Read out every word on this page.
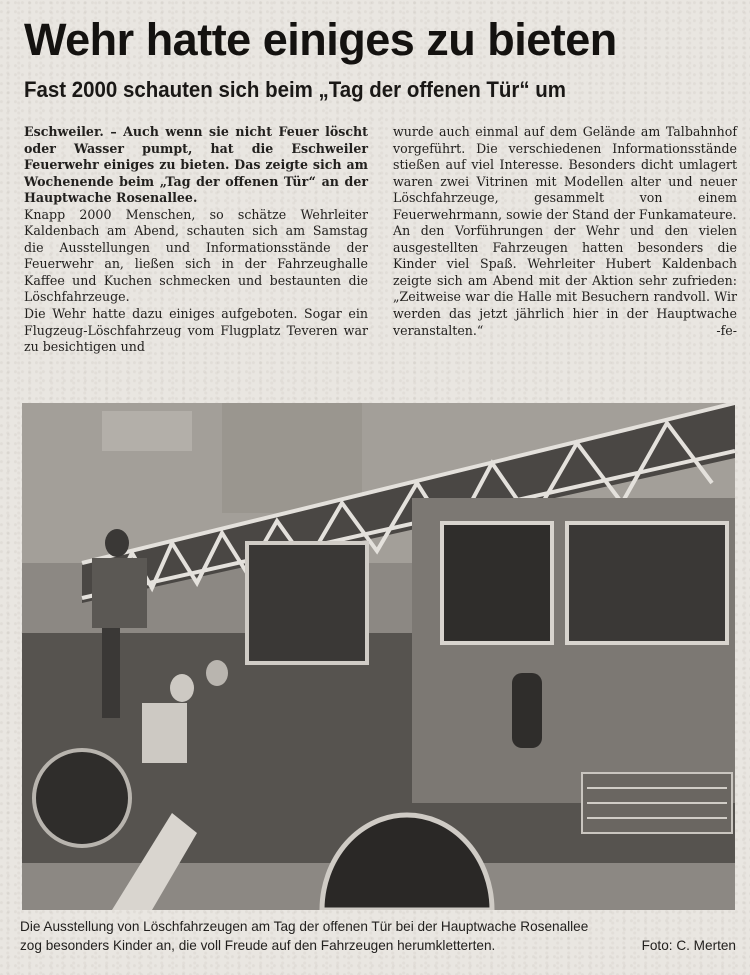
Wehr hatte einiges zu bieten
Fast 2000 schauten sich beim „Tag der offenen Tür“ um

Eschweiler. – Auch wenn sie nicht Feuer löscht oder Wasser pumpt, hat die Eschweiler Feuerwehr einiges zu bieten. Das zeigte sich am Wochenende beim „Tag der offenen Tür“ an der Hauptwache Rosenallee.

Knapp 2000 Menschen, so schätze Wehrleiter Kaldenbach am Abend, schauten sich am Samstag die Ausstellungen und Informationsstände der Feuerwehr an, ließen sich in der Fahrzeughalle Kaffee und Kuchen schmecken und bestaunten die Löschfahrzeuge.

Die Wehr hatte dazu einiges aufgeboten. Sogar ein Flugzeug-Löschfahrzeug vom Flugplatz Teveren war zu besichtigen und

wurde auch einmal auf dem Gelände am Talbahnhof vorgeführt. Die verschiedenen Informationsstände stießen auf viel Interesse. Besonders dicht umlagert waren zwei Vitrinen mit Modellen alter und neuer Löschfahrzeuge, gesammelt von einem Feuerwehrmann, sowie der Stand der Funkamateure.

An den Vorführungen der Wehr und den vielen ausgestellten Fahrzeugen hatten besonders die Kinder viel Spaß. Wehrleiter Hubert Kaldenbach zeigte sich am Abend mit der Aktion sehr zufrieden: „Zeitweise war die Halle mit Besuchern randvoll. Wir werden das jetzt jährlich hier in der Hauptwache veranstalten.“	-fe-
Die Ausstellung von Löschfahrzeugen am Tag der offenen Tür bei der Hauptwache Rosenallee
zog besonders Kinder an, die voll Freude auf den Fahrzeugen herumkletterten.	Foto: C. Merten
